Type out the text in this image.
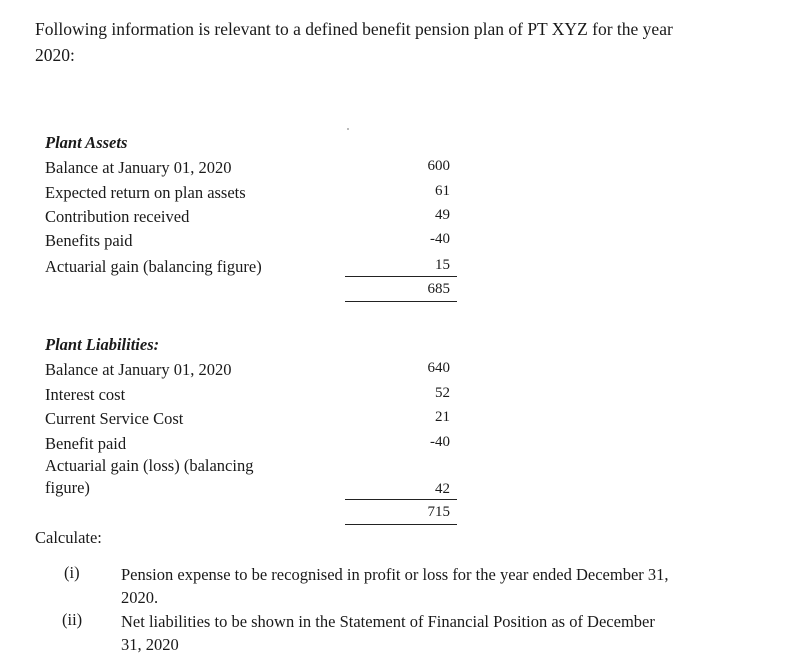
Following information is relevant to a defined benefit pension plan of PT XYZ for the year
2020:
Plant Assets
Balance at January 01, 2020	600
Expected return on plan assets	61
Contribution received	49
Benefits paid	-40
Actuarial gain (balancing figure)	15
685
Plant Liabilities:
Balance at January 01, 2020	640
Interest cost	52
Current Service Cost	21
Benefit paid	-40
Actuarial gain (loss) (balancing
figure)	42
715
Calculate:
(i)	Pension expense to be recognised in profit or loss for the year ended December 31,
2020.
(ii) Net liabilities to be shown in the Statement of Financial Position as of December
31, 2020
